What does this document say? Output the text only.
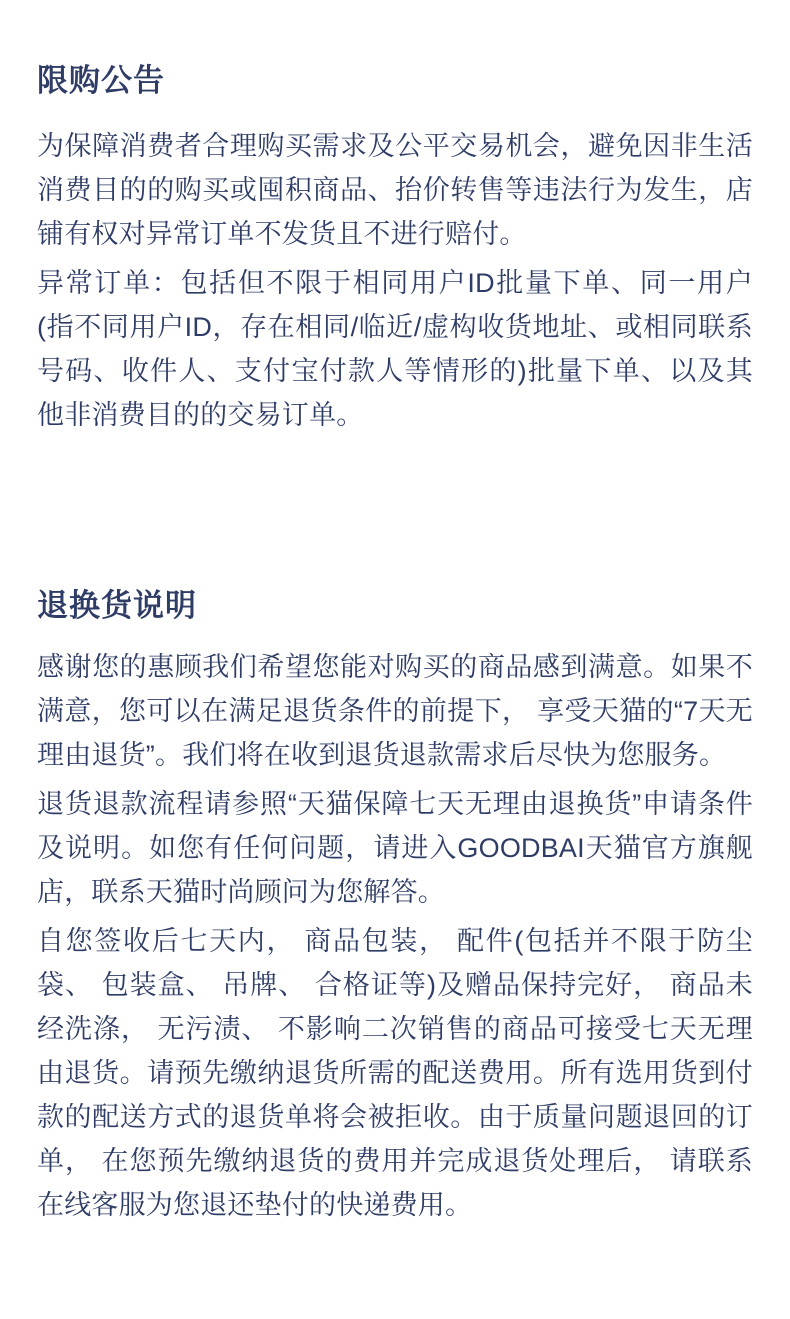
限购公告

为保障消费者合理购买需求及公平交易机会，避免因非生活消费目的的购买或囤积商品、抬价转售等违法行为发生，店铺有权对异常订单不发货且不进行赔付。

异常订单：包括但不限于相同用户ID批量下单、同一用户(指不同用户ID，存在相同/临近/虚构收货地址、或相同联系号码、收件人、支付宝付款人等情形的)批量下单、以及其他非消费目的的交易订单。

退换货说明

感谢您的惠顾我们希望您能对购买的商品感到满意。如果不满意，您可以在满足退货条件的前提下， 享受天猫的“7天无理由退货”。我们将在收到退货退款需求后尽快为您服务。

退货退款流程请参照“天猫保障七天无理由退换货”申请条件及说明。如您有任何问题，请进入GOODBAI天猫官方旗舰店，联系天猫时尚顾问为您解答。

自您签收后七天内， 商品包装， 配件(包括并不限于防尘袋、 包装盒、 吊牌、 合格证等)及赠品保持完好， 商品未经洗涤， 无污渍、 不影响二次销售的商品可接受七天无理由退货。请预先缴纳退货所需的配送费用。所有选用货到付款的配送方式的退货单将会被拒收。由于质量问题退回的订单， 在您预先缴纳退货的费用并完成退货处理后， 请联系在线客服为您退还垫付的快递费用。
